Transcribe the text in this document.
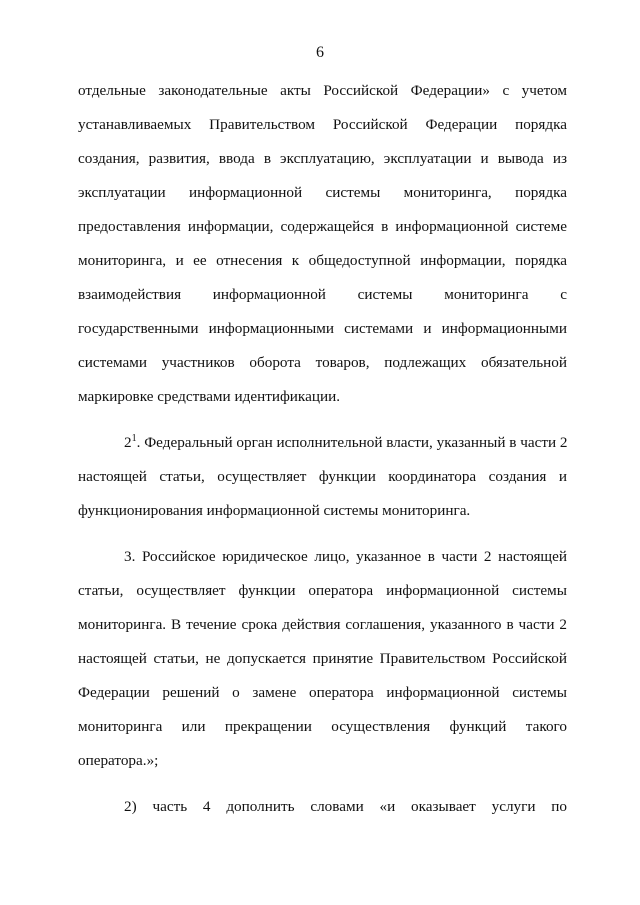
6
отдельные законодательные акты Российской Федерации» с учетом
устанавливаемых Правительством Российской Федерации порядка
создания, развития, ввода в эксплуатацию, эксплуатации и вывода из
эксплуатации информационной системы мониторинга, порядка
предоставления информации, содержащейся в информационной системе
мониторинга, и ее отнесения к общедоступной информации, порядка
взаимодействия информационной системы мониторинга с
государственными информационными системами и информационными
системами участников оборота товаров, подлежащих обязательной
маркировке средствами идентификации.
$2^1$. Федеральный орган исполнительной власти, указанный в части 2
настоящей статьи, осуществляет функции координатора создания и
функционирования информационной системы мониторинга.
3. Российское юридическое лицо, указанное в части 2 настоящей
статьи, осуществляет функции оператора информационной системы
мониторинга. В течение срока действия соглашения, указанного в части 2
настоящей статьи, не допускается принятие Правительством Российской
Федерации решений о замене оператора информационной системы
мониторинга или прекращении осуществления функций такого
оператора.»;
2) часть 4 дополнить словами «и оказывает услуги по
